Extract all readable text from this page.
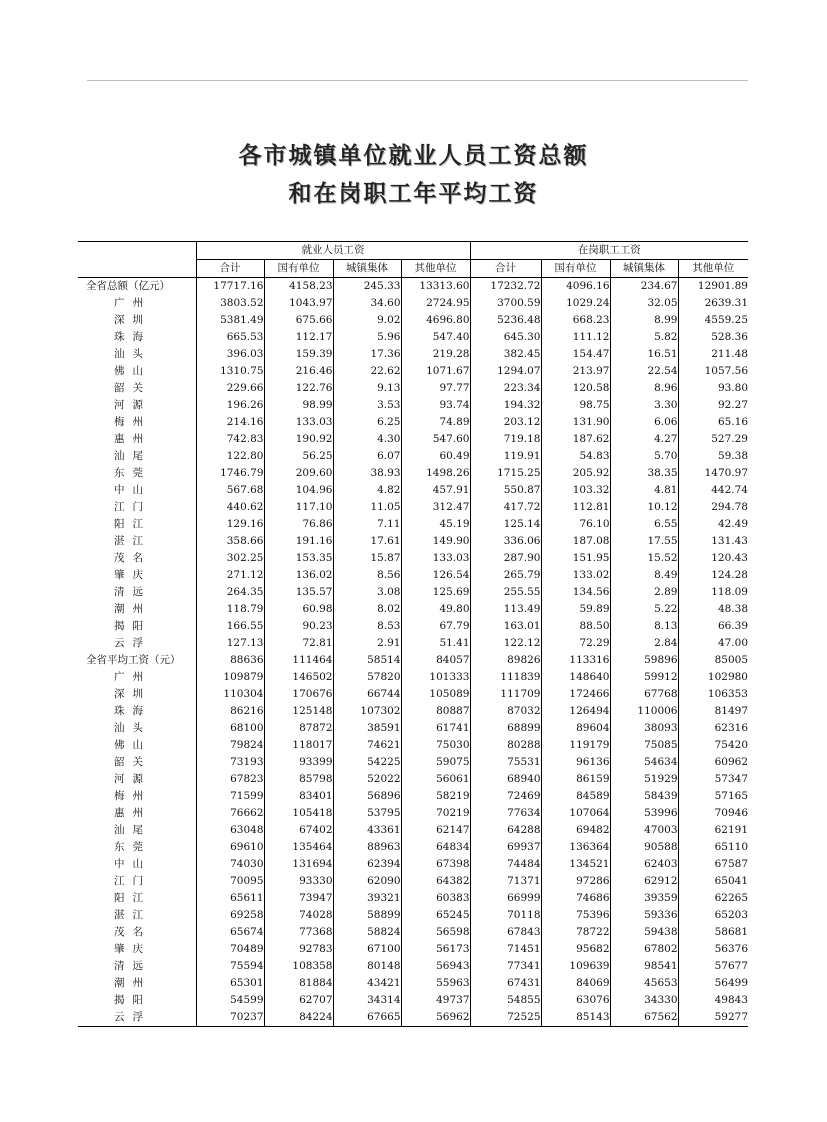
各市城镇单位就业人员工资总额
和在岗职工年平均工资
	就业人员工资				在岗职工工资			
	合计	国有单位	城镇集体	其他单位	合计	国有单位	城镇集体	其他单位
全省总额（亿元）	17717.16	4158.23	245.33	13313.60	17232.72	4096.16	234.67	12901.89
广州	3803.52	1043.97	34.60	2724.95	3700.59	1029.24	32.05	2639.31
深圳	5381.49	675.66	9.02	4696.80	5236.48	668.23	8.99	4559.25
珠海	665.53	112.17	5.96	547.40	645.30	111.12	5.82	528.36
汕头	396.03	159.39	17.36	219.28	382.45	154.47	16.51	211.48
佛山	1310.75	216.46	22.62	1071.67	1294.07	213.97	22.54	1057.56
韶关	229.66	122.76	9.13	97.77	223.34	120.58	8.96	93.80
河源	196.26	98.99	3.53	93.74	194.32	98.75	3.30	92.27
梅州	214.16	133.03	6.25	74.89	203.12	131.90	6.06	65.16
惠州	742.83	190.92	4.30	547.60	719.18	187.62	4.27	527.29
汕尾	122.80	56.25	6.07	60.49	119.91	54.83	5.70	59.38
东莞	1746.79	209.60	38.93	1498.26	1715.25	205.92	38.35	1470.97
中山	567.68	104.96	4.82	457.91	550.87	103.32	4.81	442.74
江门	440.62	117.10	11.05	312.47	417.72	112.81	10.12	294.78
阳江	129.16	76.86	7.11	45.19	125.14	76.10	6.55	42.49
湛江	358.66	191.16	17.61	149.90	336.06	187.08	17.55	131.43
茂名	302.25	153.35	15.87	133.03	287.90	151.95	15.52	120.43
肇庆	271.12	136.02	8.56	126.54	265.79	133.02	8.49	124.28
清远	264.35	135.57	3.08	125.69	255.55	134.56	2.89	118.09
潮州	118.79	60.98	8.02	49.80	113.49	59.89	5.22	48.38
揭阳	166.55	90.23	8.53	67.79	163.01	88.50	8.13	66.39
云浮	127.13	72.81	2.91	51.41	122.12	72.29	2.84	47.00
全省平均工资（元）	88636	111464	58514	84057	89826	113316	59896	85005
广州	109879	146502	57820	101333	111839	148640	59912	102980
深圳	110304	170676	66744	105089	111709	172466	67768	106353
珠海	86216	125148	107302	80887	87032	126494	110006	81497
汕头	68100	87872	38591	61741	68899	89604	38093	62316
佛山	79824	118017	74621	75030	80288	119179	75085	75420
韶关	73193	93399	54225	59075	75531	96136	54634	60962
河源	67823	85798	52022	56061	68940	86159	51929	57347
梅州	71599	83401	56896	58219	72469	84589	58439	57165
惠州	76662	105418	53795	70219	77634	107064	53996	70946
汕尾	63048	67402	43361	62147	64288	69482	47003	62191
东莞	69610	135464	88963	64834	69937	136364	90588	65110
中山	74030	131694	62394	67398	74484	134521	62403	67587
江门	70095	93330	62090	64382	71371	97286	62912	65041
阳江	65611	73947	39321	60383	66999	74686	39359	62265
湛江	69258	74028	58899	65245	70118	75396	59336	65203
茂名	65674	77368	58824	56598	67843	78722	59438	58681
肇庆	70489	92783	67100	56173	71451	95682	67802	56376
清远	75594	108358	80148	56943	77341	109639	98541	57677
潮州	65301	81884	43421	55963	67431	84069	45653	56499
揭阳	54599	62707	34314	49737	54855	63076	34330	49843
云浮	70237	84224	67665	56962	72525	85143	67562	59277
